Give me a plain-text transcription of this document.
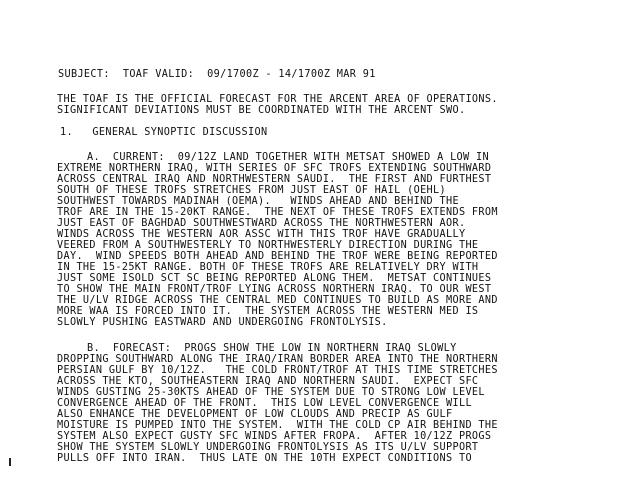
SUBJECT:  TOAF VALID:  09/1700Z - 14/1700Z MAR 91
THE TOAF IS THE OFFICIAL FORECAST FOR THE ARCENT AREA OF OPERATIONS.
SIGNIFICANT DEVIATIONS MUST BE COORDINATED WITH THE ARCENT SWO.
1.   GENERAL SYNOPTIC DISCUSSION
A.  CURRENT:  09/12Z LAND TOGETHER WITH METSAT SHOWED A LOW IN
EXTREME NORTHERN IRAQ, WITH SERIES OF SFC TROFS EXTENDING SOUTHWARD
ACROSS CENTRAL IRAQ AND NORTHWESTERN SAUDI.  THE FIRST AND FURTHEST
SOUTH OF THESE TROFS STRETCHES FROM JUST EAST OF HAIL (OEHL)
SOUTHWEST TOWARDS MADINAH (OEMA).   WINDS AHEAD AND BEHIND THE
TROF ARE IN THE 15-20KT RANGE.  THE NEXT OF THESE TROFS EXTENDS FROM
JUST EAST OF BAGHDAD SOUTHWESTWARD ACROSS THE NORTHWESTERN AOR.
WINDS ACROSS THE WESTERN AOR ASSC WITH THIS TROF HAVE GRADUALLY
VEERED FROM A SOUTHWESTERLY TO NORTHWESTERLY DIRECTION DURING THE
DAY.  WIND SPEEDS BOTH AHEAD AND BEHIND THE TROF WERE BEING REPORTED
IN THE 15-25KT RANGE. BOTH OF THESE TROFS ARE RELATIVELY DRY WITH
JUST SOME ISOLD SCT SC BEING REPORTED ALONG THEM.  METSAT CONTINUES
TO SHOW THE MAIN FRONT/TROF LYING ACROSS NORTHERN IRAQ. TO OUR WEST
THE U/LV RIDGE ACROSS THE CENTRAL MED CONTINUES TO BUILD AS MORE AND
MORE WAA IS FORCED INTO IT.  THE SYSTEM ACROSS THE WESTERN MED IS
SLOWLY PUSHING EASTWARD AND UNDERGOING FRONTOLYSIS.
B.  FORECAST:  PROGS SHOW THE LOW IN NORTHERN IRAQ SLOWLY
DROPPING SOUTHWARD ALONG THE IRAQ/IRAN BORDER AREA INTO THE NORTHERN
PERSIAN GULF BY 10/12Z.   THE COLD FRONT/TROF AT THIS TIME STRETCHES
ACROSS THE KTO, SOUTHEASTERN IRAQ AND NORTHERN SAUDI.  EXPECT SFC
WINDS GUSTING 25-30KTS AHEAD OF THE SYSTEM DUE TO STRONG LOW LEVEL
CONVERGENCE AHEAD OF THE FRONT.  THIS LOW LEVEL CONVERGENCE WILL
ALSO ENHANCE THE DEVELOPMENT OF LOW CLOUDS AND PRECIP AS GULF
MOISTURE IS PUMPED INTO THE SYSTEM.  WITH THE COLD CP AIR BEHIND THE
SYSTEM ALSO EXPECT GUSTY SFC WINDS AFTER FROPA.  AFTER 10/12Z PROGS
SHOW THE SYSTEM SLOWLY UNDERGOING FRONTOLYSIS AS ITS U/LV SUPPORT
PULLS OFF INTO IRAN.  THUS LATE ON THE 10TH EXPECT CONDITIONS TO
